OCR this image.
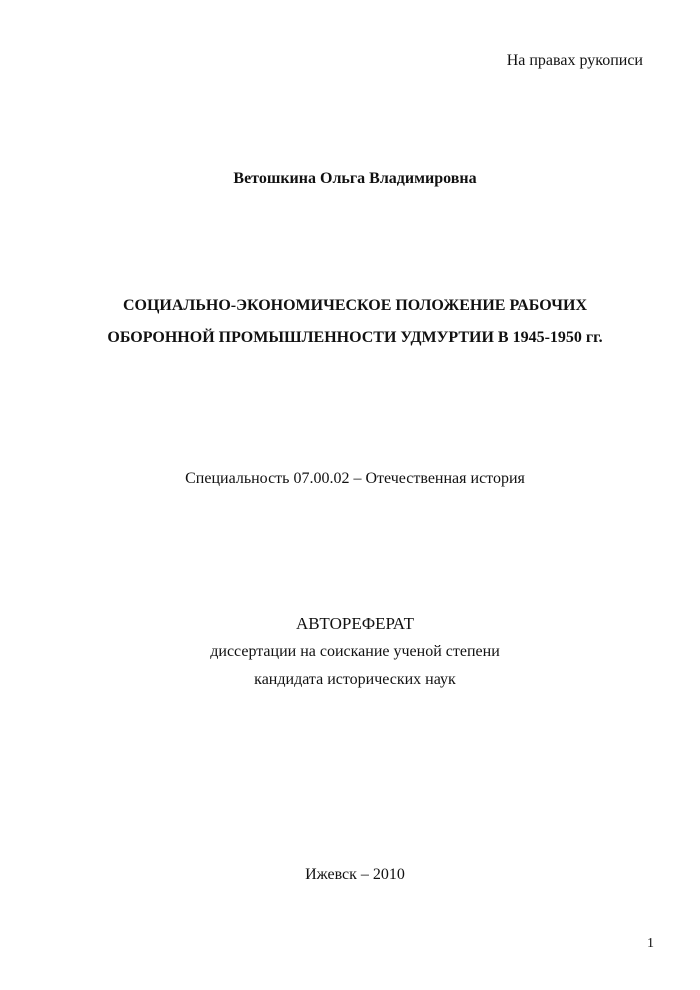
На правах рукописи
Ветошкина Ольга Владимировна
СОЦИАЛЬНО-ЭКОНОМИЧЕСКОЕ ПОЛОЖЕНИЕ РАБОЧИХ
ОБОРОННОЙ ПРОМЫШЛЕННОСТИ УДМУРТИИ В 1945-1950 гг.
Специальность 07.00.02 – Отечественная история
АВТОРЕФЕРАТ
диссертации на соискание ученой степени
кандидата исторических наук
Ижевск – 2010
1
